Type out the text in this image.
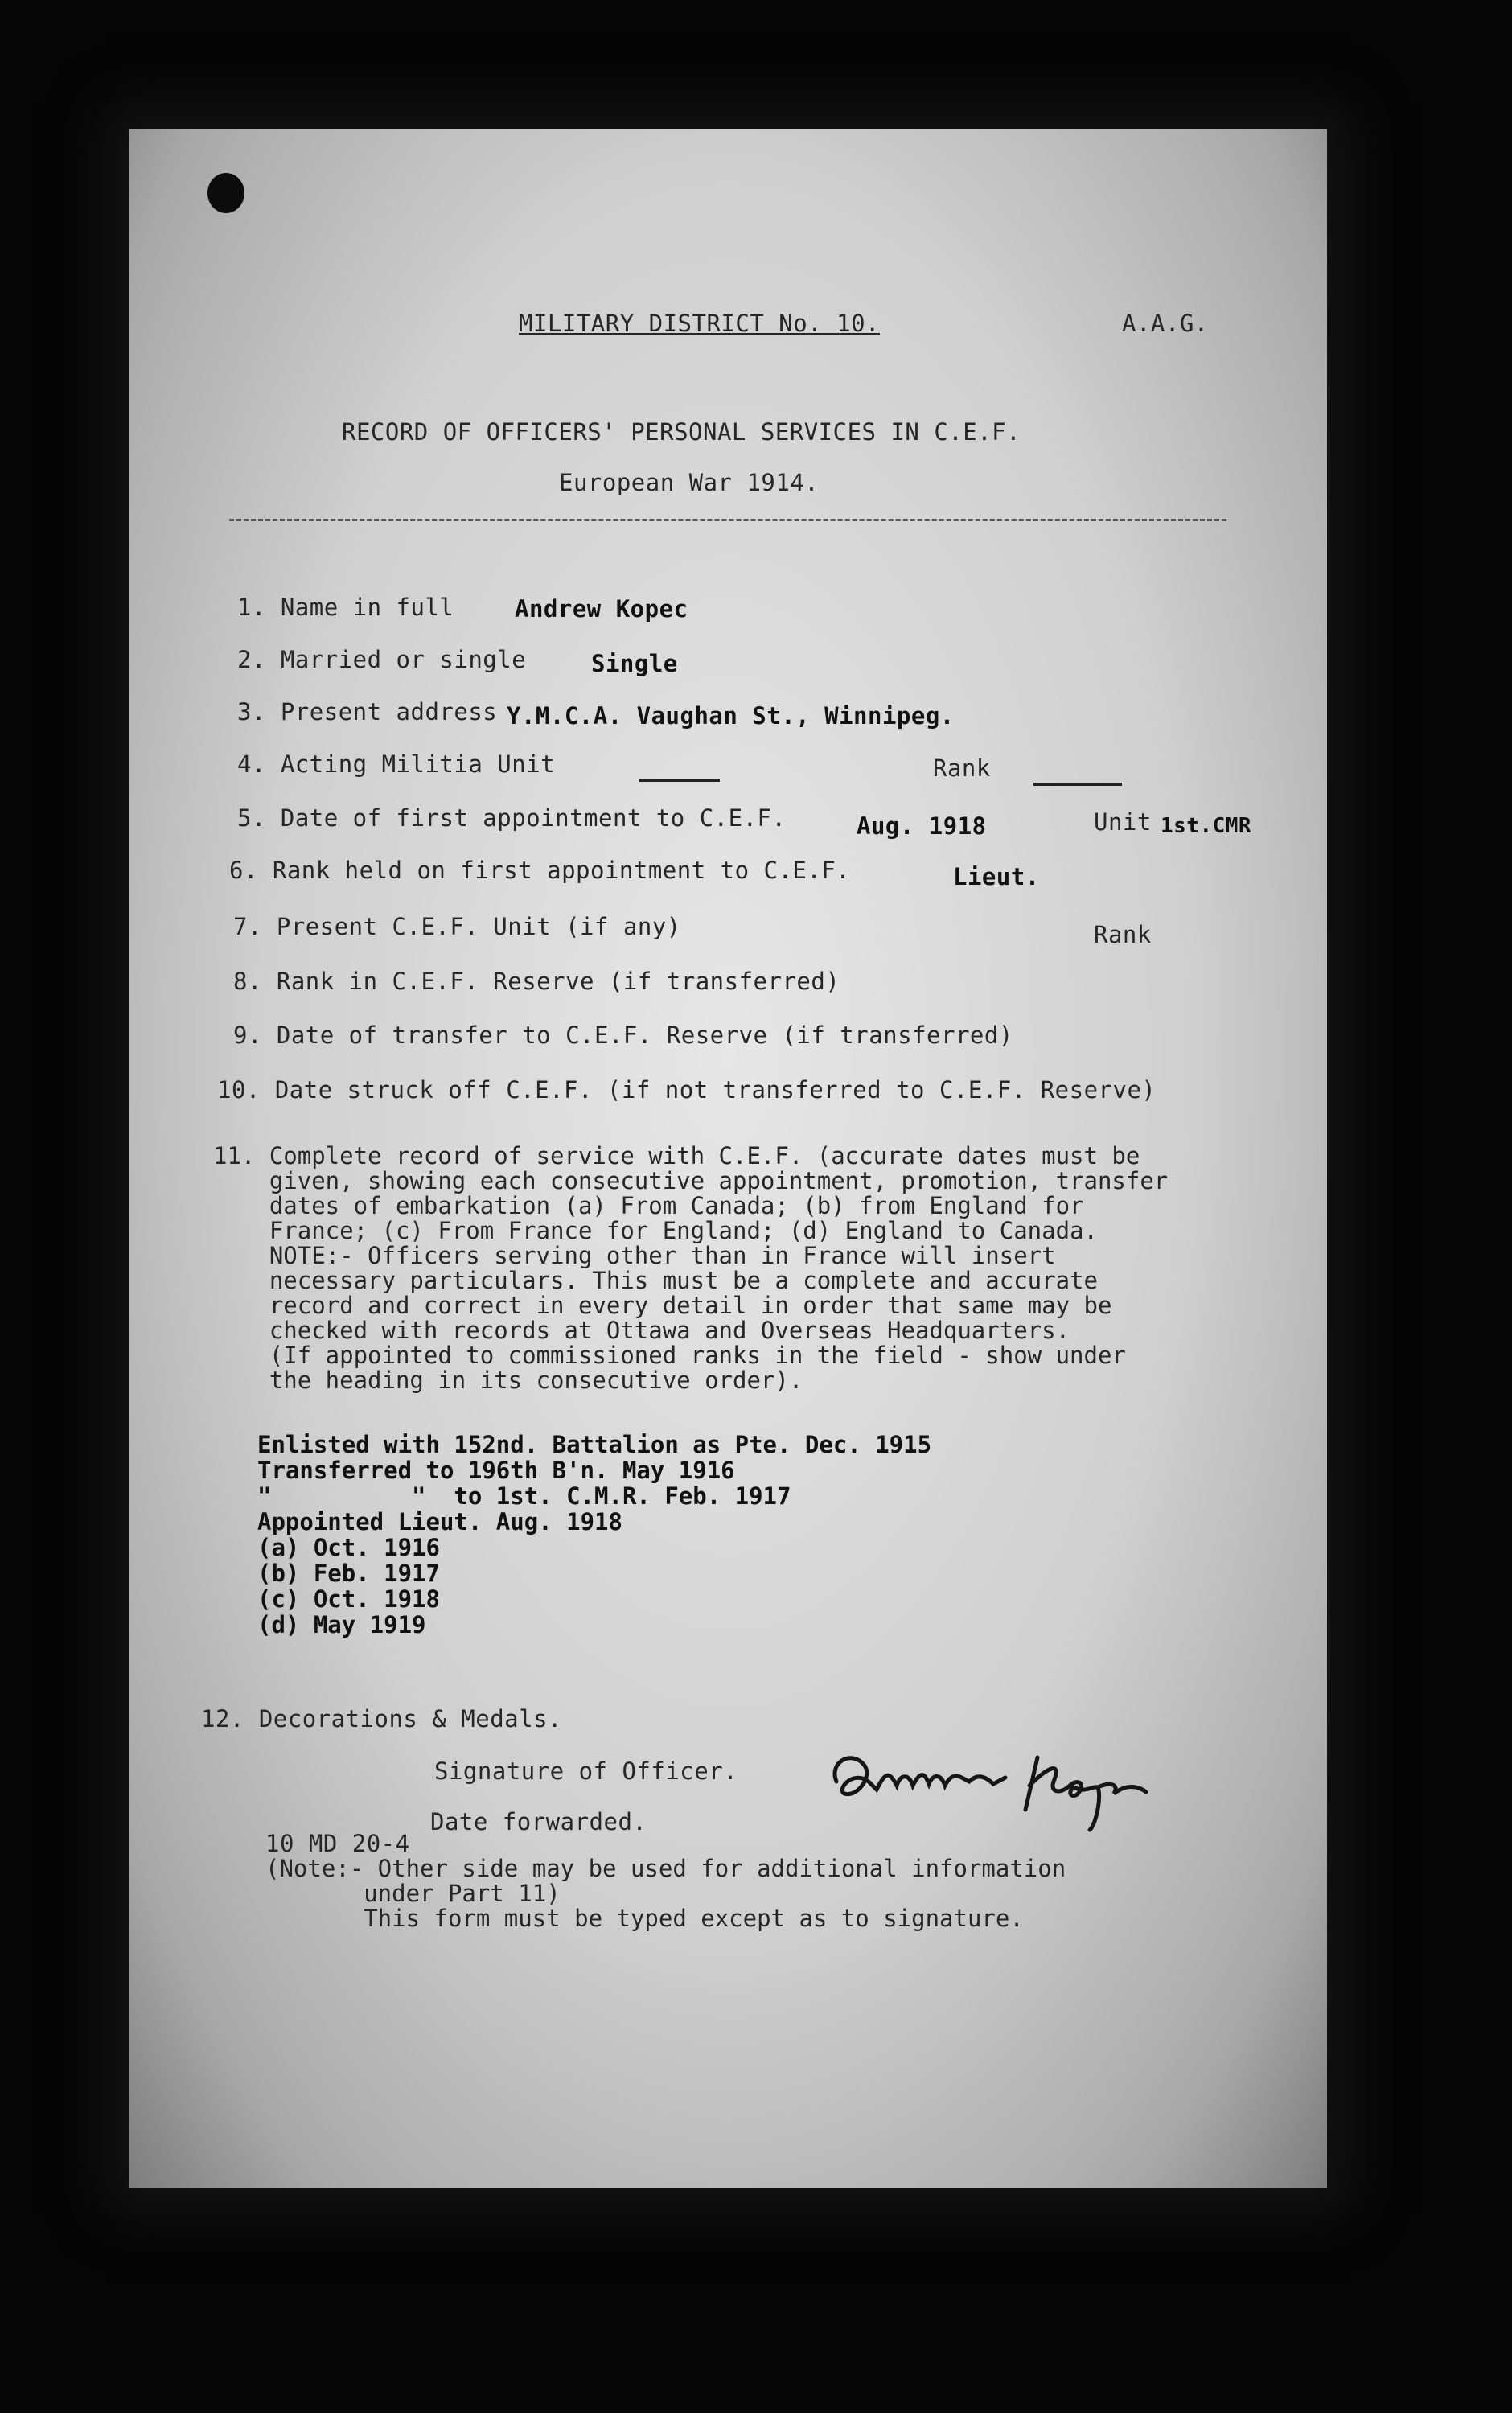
MILITARY DISTRICT No. 10.	A.A.G.
RECORD OF OFFICERS' PERSONAL SERVICES IN C.E.F.
European War 1914.
1. Name in full	Andrew Kopec
2. Married or single	Single
3. Present address Y.M.C.A. Vaughan St., Winnipeg.
4. Acting Militia Unit	Rank
5. Date of first appointment to C.E.F.	Aug. 1918	Unit 1st.CMR
6. Rank held on first appointment to C.E.F.	Lieut.
7. Present C.E.F. Unit (if any)	Rank
8. Rank in C.E.F. Reserve (if transferred)
9. Date of transfer to C.E.F. Reserve (if transferred)
10. Date struck off C.E.F. (if not transferred to C.E.F. Reserve)
11. Complete record of service with C.E.F. (accurate dates must be
given, showing each consecutive appointment, promotion, transfer
dates of embarkation (a) From Canada; (b) from England for
France; (c) From France for England; (d) England to Canada.
NOTE:- Officers serving other than in France will insert
necessary particulars. This must be a complete and accurate
record and correct in every detail in order that same may be
checked with records at Ottawa and Overseas Headquarters.
(If appointed to commissioned ranks in the field - show under
the heading in its consecutive order).
Enlisted with 152nd. Battalion as Pte. Dec. 1915
Transferred to 196th B'n. May 1916
"          "  to 1st. C.M.R. Feb. 1917
Appointed Lieut. Aug. 1918
(a) Oct. 1916
(b) Feb. 1917
(c) Oct. 1918
(d) May 1919
12. Decorations & Medals.
Signature of Officer.
Date forwarded.
10 MD 20-4
(Note:- Other side may be used for additional information
under Part 11)
This form must be typed except as to signature.
